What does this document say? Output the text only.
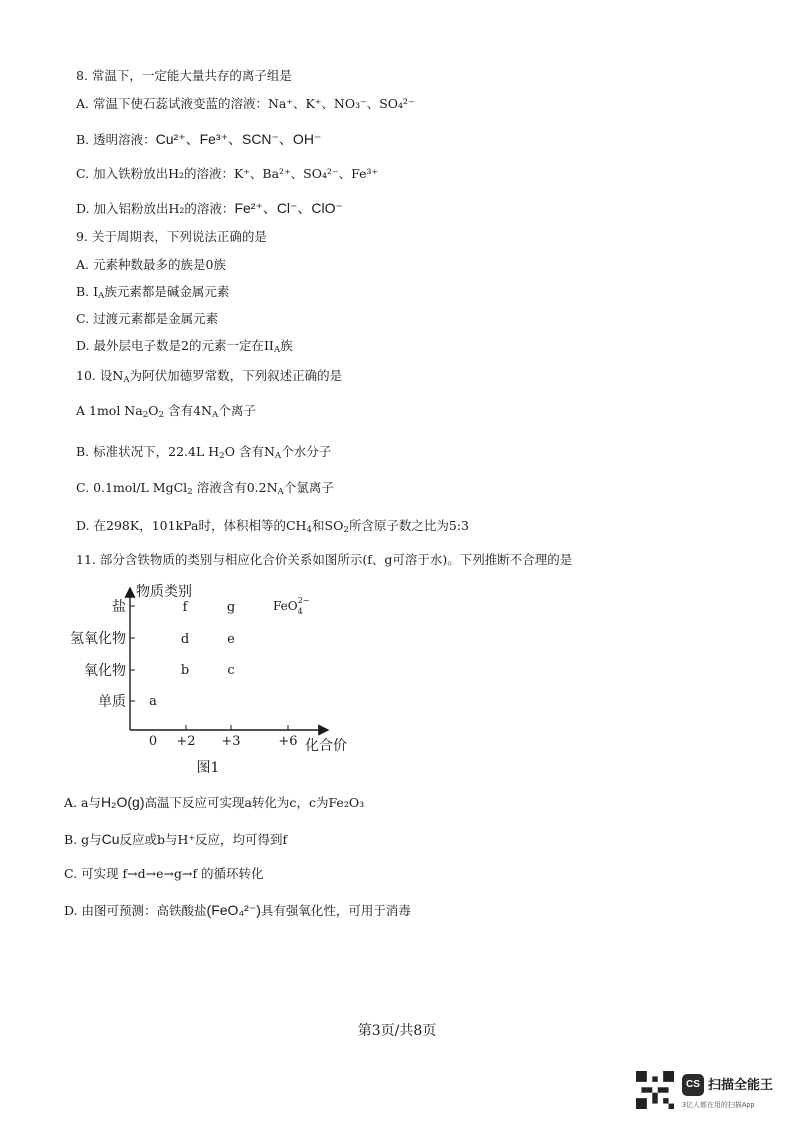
8. 常温下，一定能大量共存的离子组是
A. 常温下使石蕊试液变蓝的溶液：Na⁺、K⁺、NO₃⁻、SO₄²⁻
B. 透明溶液：Cu²⁺、Fe³⁺、SCN⁻、OH⁻
C. 加入铁粉放出H₂的溶液：K⁺、Ba²⁺、SO₄²⁻、Fe³⁺
D. 加入铝粉放出H₂的溶液：Fe²⁺、Cl⁻、ClO⁻
9. 关于周期表，下列说法正确的是
A. 元素种数最多的族是0族
B. $I_A$族元素都是碱金属元素
C. 过渡元素都是金属元素
D. 最外层电子数是2的元素一定在$II_A$族
10. 设$N_A$为阿伏加德罗常数，下列叙述正确的是
A 1mol $Na_2O_2$ 含有$4N_A$个离子
B. 标准状况下，22.4L $H_2O$ 含有$N_A$个水分子
C. 0.1mol/L MgCl$_2$ 溶液含有$0.2N_A$个氯离子
D. 在298K，101kPa时，体积相等的$CH_4$和$SO_2$所含原子数之比为5:3
11. 部分含铁物质的类别与相应化合价关系如图所示(f、g可溶于水)。下列推断不合理的是
物质类别
化合价
盐
氢氧化物
氧化物
单质
0 +2 +3	+6
f	g	FeO$_4$2−
d	e
b	c
a
图1
A. a与H₂O(g)高温下反应可实现a转化为c，c为Fe₂O₃
B. g与Cu反应或b与H⁺反应，均可得到f
C. 可实现 f→d→e→g→f 的循环转化
D. 由图可预测：高铁酸盐(FeO₄²⁻)具有强氧化性，可用于消毒
第3页/共8页
CS 扫描全能王
3亿人都在用的扫描App
